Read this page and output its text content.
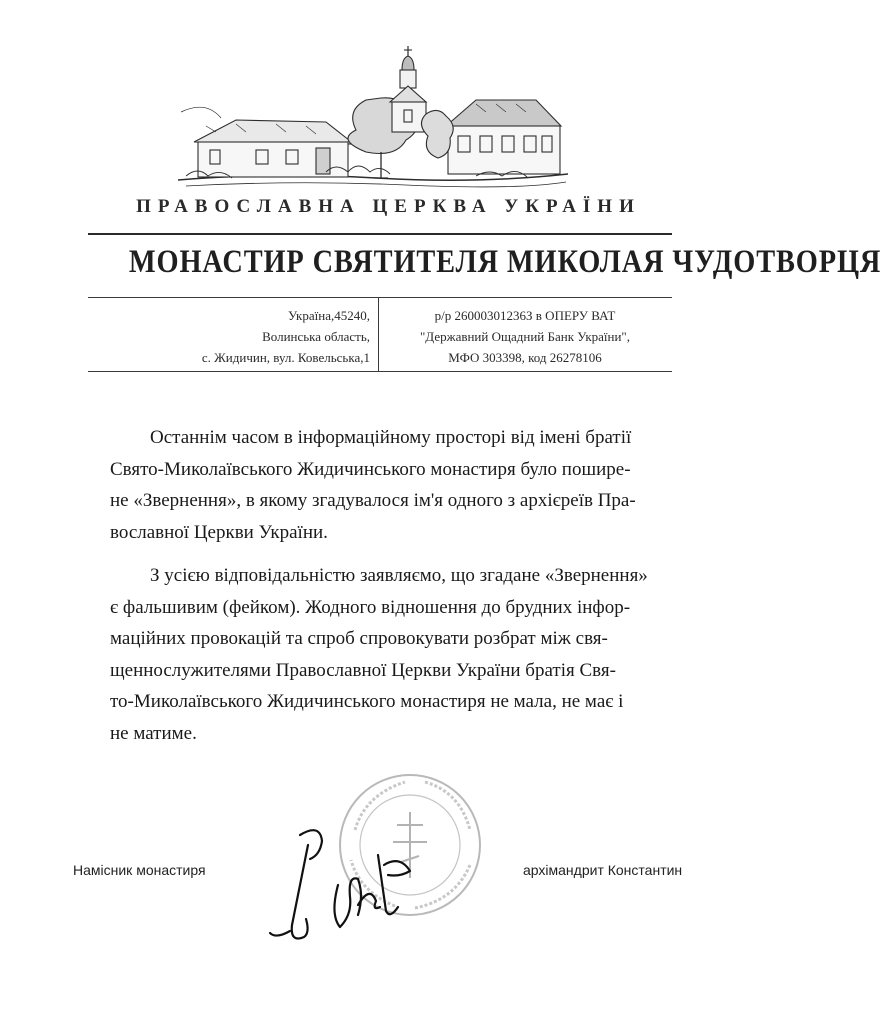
ПРАВОСЛАВНА ЦЕРКВА УКРАЇНИ
МОНАСТИР СВЯТИТЕЛЯ МИКОЛАЯ ЧУДОТВОРЦЯ
Україна,45240,
Волинська область,
с. Жидичин, вул. Ковельська,1
р/р 26000301236З в ОПЕРУ ВАТ
"Державний Ощадний Банк України",
МФО 303398, код 26278106
Останнім часом в інформаційному просторі від імені братії
Свято-Миколаївського Жидичинського монастиря було пошире-
не «Звернення», в якому згадувалося ім'я одного з архієреїв Пра-
вославної Церкви України.
З усією відповідальністю заявляємо, що згадане «Звернення»
є фальшивим (фейком). Жодного відношення до брудних інфор-
маційних провокацій та спроб спровокувати розбрат між свя-
щеннослужителями Православної Церкви України братія Свя-
то-Миколаївського Жидичинського монастиря не мала, не має і
не матиме.
Намісник монастиря	архімандрит Константин
